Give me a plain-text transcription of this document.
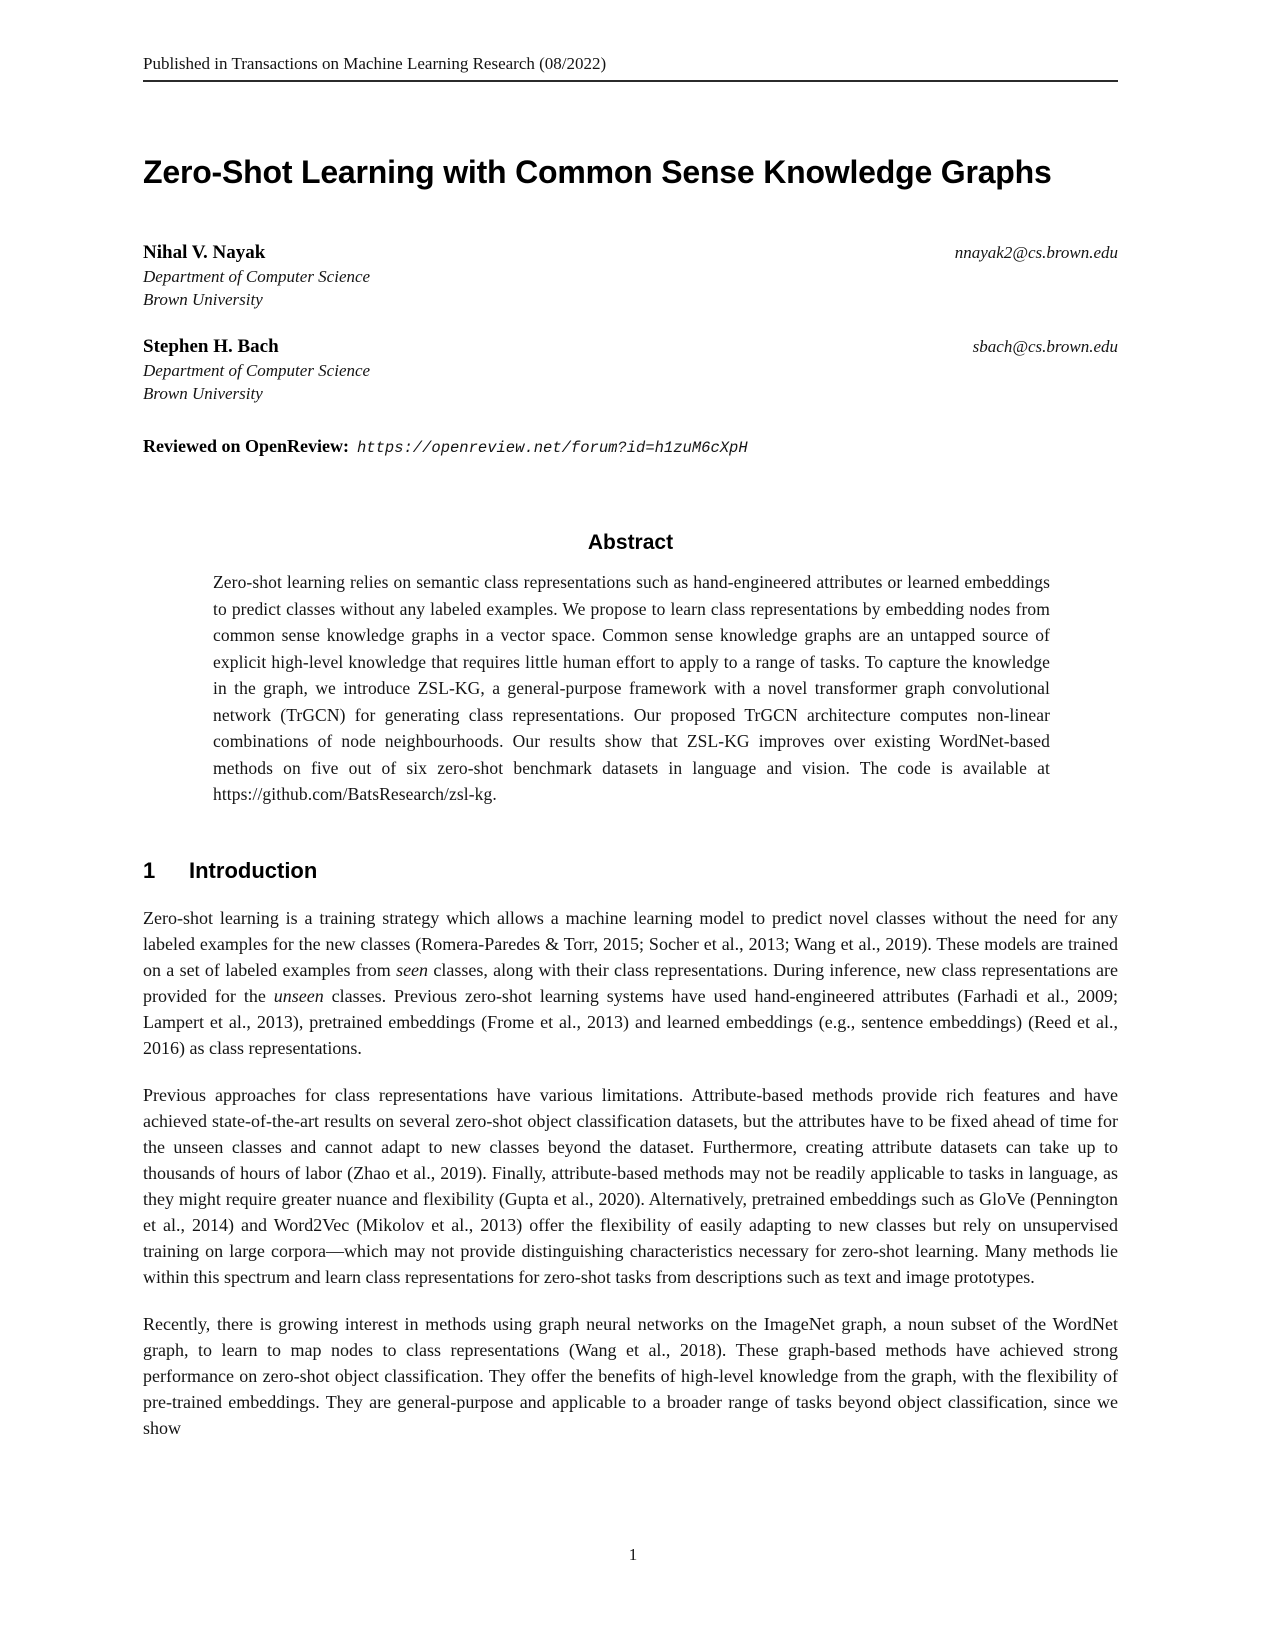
Published in Transactions on Machine Learning Research (08/2022)
Zero-Shot Learning with Common Sense Knowledge Graphs
Nihal V. Nayak	nnayak2@cs.brown.edu
Department of Computer Science
Brown University
Stephen H. Bach	sbach@cs.brown.edu
Department of Computer Science
Brown University
Reviewed on OpenReview: https://openreview.net/forum?id=h1zuM6cXpH
Abstract
Zero-shot learning relies on semantic class representations such as hand-engineered attributes or learned embeddings to predict classes without any labeled examples. We propose to learn class representations by embedding nodes from common sense knowledge graphs in a vector space. Common sense knowledge graphs are an untapped source of explicit high-level knowledge that requires little human effort to apply to a range of tasks. To capture the knowledge in the graph, we introduce ZSL-KG, a general-purpose framework with a novel transformer graph convolutional network (TrGCN) for generating class representations. Our proposed TrGCN architecture computes non-linear combinations of node neighbourhoods. Our results show that ZSL-KG improves over existing WordNet-based methods on five out of six zero-shot benchmark datasets in language and vision. The code is available at https://github.com/BatsResearch/zsl-kg.
1 Introduction

Zero-shot learning is a training strategy which allows a machine learning model to predict novel classes without the need for any labeled examples for the new classes (Romera-Paredes & Torr, 2015; Socher et al., 2013; Wang et al., 2019). These models are trained on a set of labeled examples from seen classes, along with their class representations. During inference, new class representations are provided for the unseen classes. Previous zero-shot learning systems have used hand-engineered attributes (Farhadi et al., 2009; Lampert et al., 2013), pretrained embeddings (Frome et al., 2013) and learned embeddings (e.g., sentence embeddings) (Reed et al., 2016) as class representations.

Previous approaches for class representations have various limitations. Attribute-based methods provide rich features and have achieved state-of-the-art results on several zero-shot object classification datasets, but the attributes have to be fixed ahead of time for the unseen classes and cannot adapt to new classes beyond the dataset. Furthermore, creating attribute datasets can take up to thousands of hours of labor (Zhao et al., 2019). Finally, attribute-based methods may not be readily applicable to tasks in language, as they might require greater nuance and flexibility (Gupta et al., 2020). Alternatively, pretrained embeddings such as GloVe (Pennington et al., 2014) and Word2Vec (Mikolov et al., 2013) offer the flexibility of easily adapting to new classes but rely on unsupervised training on large corpora—which may not provide distinguishing characteristics necessary for zero-shot learning. Many methods lie within this spectrum and learn class representations for zero-shot tasks from descriptions such as text and image prototypes.

Recently, there is growing interest in methods using graph neural networks on the ImageNet graph, a noun subset of the WordNet graph, to learn to map nodes to class representations (Wang et al., 2018). These graph-based methods have achieved strong performance on zero-shot object classification. They offer the benefits of high-level knowledge from the graph, with the flexibility of pre-trained embeddings. They are general-purpose and applicable to a broader range of tasks beyond object classification, since we show

1
